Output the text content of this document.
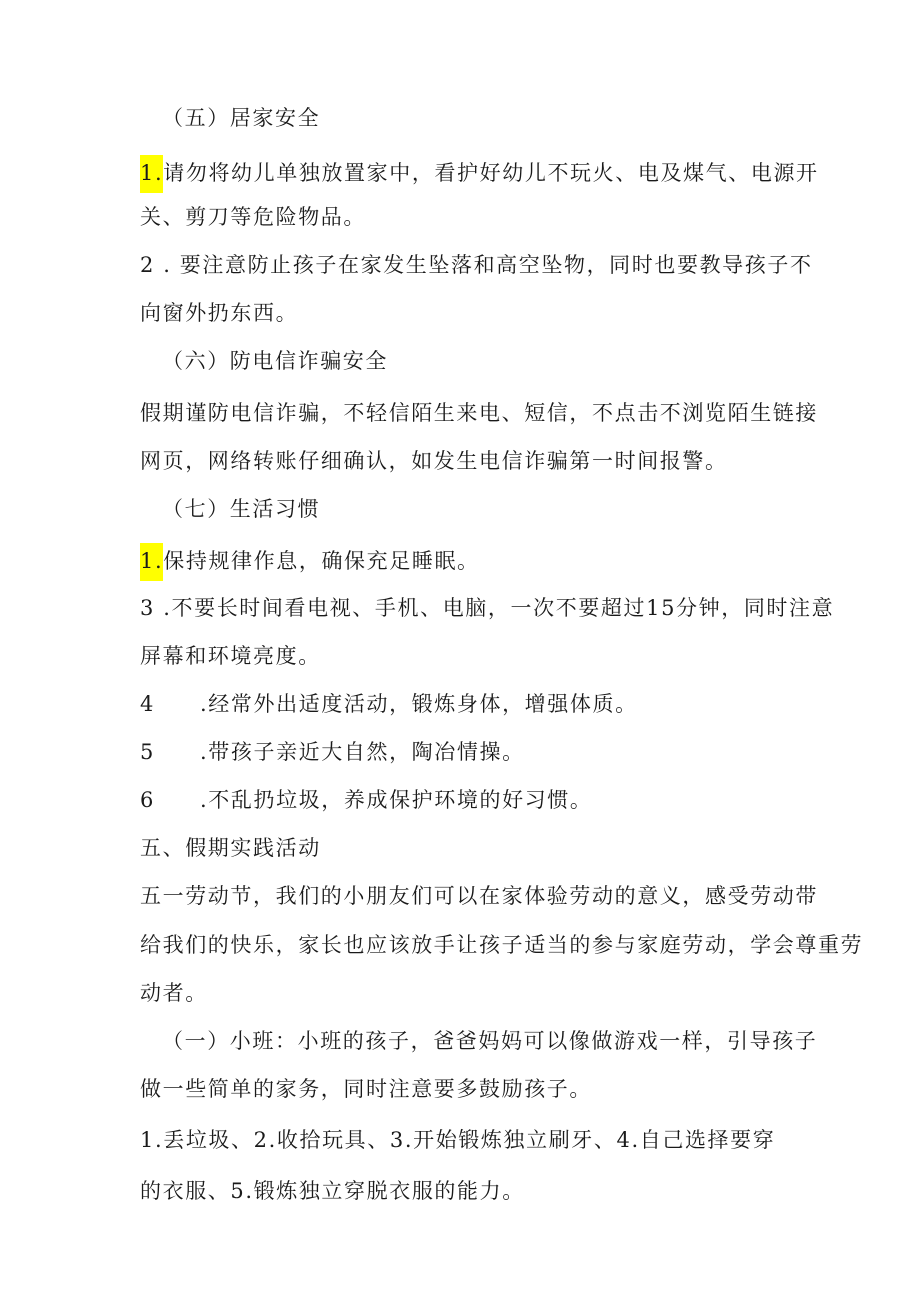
（五）居家安全
1.请勿将幼儿单独放置家中，看护好幼儿不玩火、电及煤气、电源开
关、剪刀等危险物品。
2 . 要注意防止孩子在家发生坠落和高空坠物，同时也要教导孩子不
向窗外扔东西。
（六）防电信诈骗安全
假期谨防电信诈骗，不轻信陌生来电、短信，不点击不浏览陌生链接
网页，网络转账仔细确认，如发生电信诈骗第一时间报警。
（七）生活习惯
1.保持规律作息，确保充足睡眠。
3 .不要长时间看电视、手机、电脑，一次不要超过15分钟，同时注意
屏幕和环境亮度。
4 .经常外出适度活动，锻炼身体，增强体质。
5 .带孩子亲近大自然，陶冶情操。
6 .不乱扔垃圾，养成保护环境的好习惯。
五、假期实践活动
五一劳动节，我们的小朋友们可以在家体验劳动的意义，感受劳动带
给我们的快乐，家长也应该放手让孩子适当的参与家庭劳动，学会尊重劳
动者。
（一）小班：小班的孩子，爸爸妈妈可以像做游戏一样，引导孩子
做一些简单的家务，同时注意要多鼓励孩子。
1.丢垃圾、2.收拾玩具、3.开始锻炼独立刷牙、4.自己选择要穿
的衣服、5.锻炼独立穿脱衣服的能力。
